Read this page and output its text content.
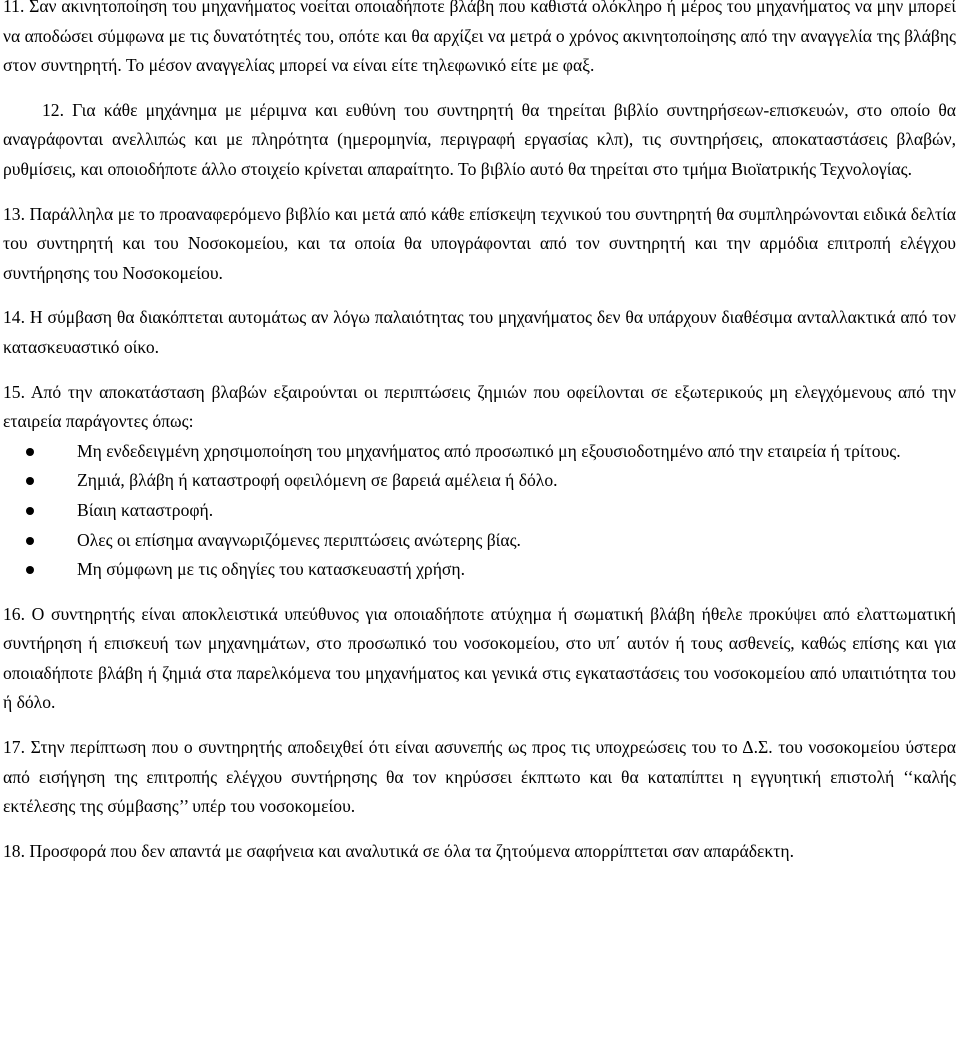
11. Σαν ακινητοποίηση του μηχανήματος νοείται οποιαδήποτε βλάβη που καθιστά ολόκληρο ή μέρος του μηχανήματος να μην μπορεί να αποδώσει σύμφωνα με τις δυνατότητές του, οπότε και θα αρχίζει να μετρά ο χρόνος ακινητοποίησης από την αναγγελία της βλάβης στον συντηρητή. Το μέσον αναγγελίας μπορεί να είναι είτε τηλεφωνικό είτε με φαξ.

12. Για κάθε μηχάνημα με μέριμνα και ευθύνη του συντηρητή θα τηρείται βιβλίο συντηρήσεων-επισκευών, στο οποίο θα αναγράφονται ανελλιπώς και με πληρότητα (ημερομηνία, περιγραφή εργασίας κλπ), τις συντηρήσεις, αποκαταστάσεις βλαβών, ρυθμίσεις, και οποιοδήποτε άλλο στοιχείο κρίνεται απαραίτητο. Το βιβλίο αυτό θα τηρείται στο τμήμα Βιοϊατρικής Τεχνολογίας.

13. Παράλληλα με το προαναφερόμενο βιβλίο και μετά από κάθε επίσκεψη τεχνικού του συντηρητή θα συμπληρώνονται ειδικά δελτία του συντηρητή και του Νοσοκομείου, και τα οποία θα υπογράφονται από τον συντηρητή και την αρμόδια επιτροπή ελέγχου συντήρησης του Νοσοκομείου.

14. Η σύμβαση θα διακόπτεται αυτομάτως αν λόγω παλαιότητας του μηχανήματος δεν θα υπάρχουν διαθέσιμα ανταλλακτικά από τον κατασκευαστικό οίκο.

15. Από την αποκατάσταση βλαβών εξαιρούνται οι περιπτώσεις ζημιών που οφείλονται σε εξωτερικούς μη ελεγχόμενους από την εταιρεία παράγοντες όπως:

Μη ενδεδειγμένη χρησιμοποίηση του μηχανήματος από προσωπικό μη εξουσιοδοτημένο από την εταιρεία ή τρίτους.
Ζημιά, βλάβη ή καταστροφή οφειλόμενη σε βαρειά αμέλεια ή δόλο.
Βίαιη καταστροφή.
Ολες οι επίσημα αναγνωριζόμενες περιπτώσεις ανώτερης βίας.
Μη σύμφωνη με τις οδηγίες του κατασκευαστή χρήση.

16. Ο συντηρητής είναι αποκλειστικά υπεύθυνος για οποιαδήποτε ατύχημα ή σωματική βλάβη ήθελε προκύψει από ελαττωματική συντήρηση ή επισκευή των μηχανημάτων, στο προσωπικό του νοσοκομείου, στο υπ΄ αυτόν ή τους ασθενείς, καθώς επίσης και για οποιαδήποτε βλάβη ή ζημιά στα παρελκόμενα του μηχανήματος και γενικά στις εγκαταστάσεις του νοσοκομείου από υπαιτιότητα του ή δόλο.

17. Στην περίπτωση που ο συντηρητής αποδειχθεί ότι είναι ασυνεπής ως προς τις υποχρεώσεις του το Δ.Σ. του νοσοκομείου ύστερα από εισήγηση της επιτροπής ελέγχου συντήρησης θα τον κηρύσσει έκπτωτο και θα καταπίπτει η εγγυητική επιστολή ‘‘καλής εκτέλεσης της σύμβασης’’ υπέρ του νοσοκομείου.

18. Προσφορά που δεν απαντά με σαφήνεια και αναλυτικά σε όλα τα ζητούμενα απορρίπτεται σαν απαράδεκτη.
